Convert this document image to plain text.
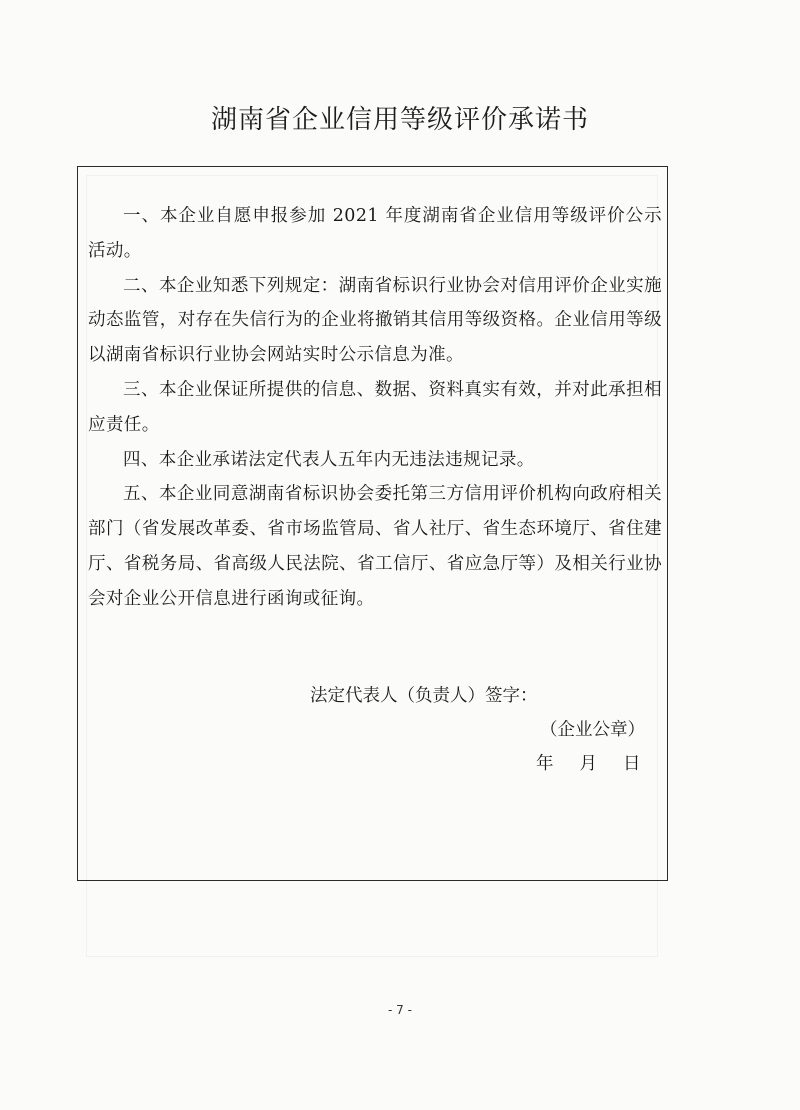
湖南省企业信用等级评价承诺书
一、本企业自愿申报参加 2021 年度湖南省企业信用等级评价公示活动。
二、本企业知悉下列规定：湖南省标识行业协会对信用评价企业实施动态监管，对存在失信行为的企业将撤销其信用等级资格。企业信用等级以湖南省标识行业协会网站实时公示信息为准。
三、本企业保证所提供的信息、数据、资料真实有效，并对此承担相应责任。
四、本企业承诺法定代表人五年内无违法违规记录。
五、本企业同意湖南省标识协会委托第三方信用评价机构向政府相关部门（省发展改革委、省市场监管局、省人社厅、省生态环境厅、省住建厅、省税务局、省高级人民法院、省工信厅、省应急厅等）及相关行业协会对企业公开信息进行函询或征询。
法定代表人（负责人）签字：
（企业公章）
年 月 日
- 7 -
